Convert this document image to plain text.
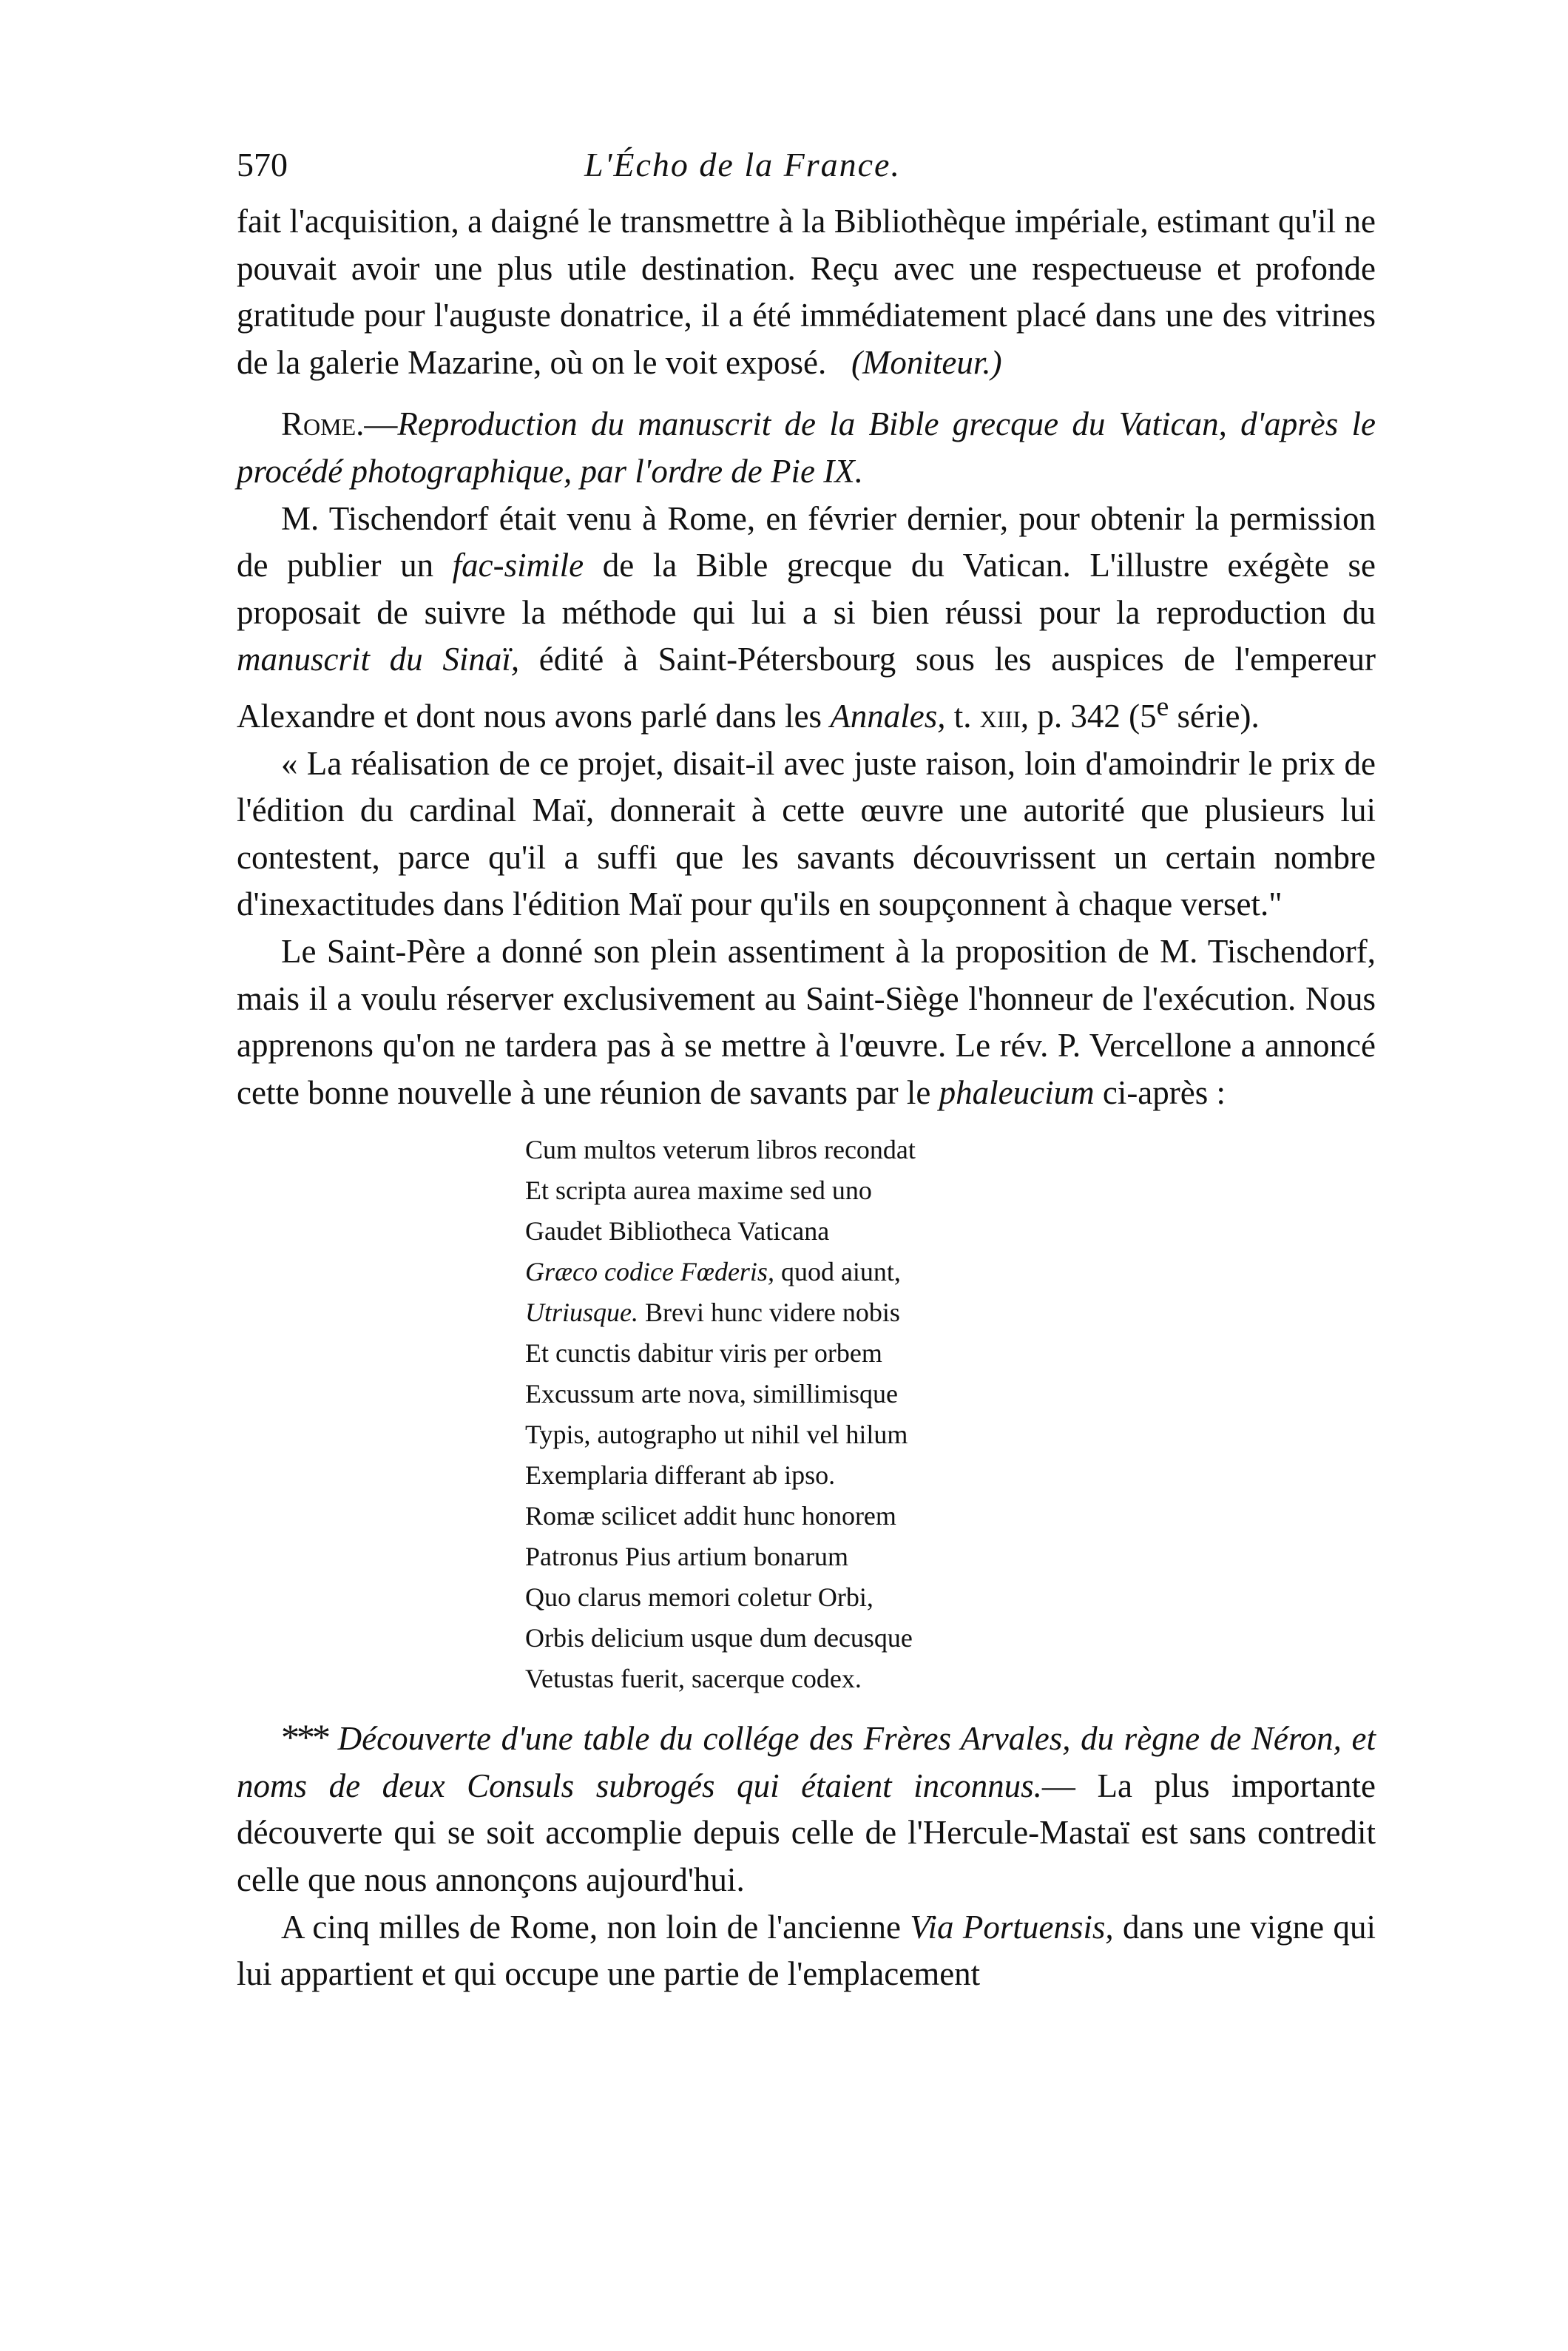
570	L'Écho de la France.

fait l'acquisition, a daigné le transmettre à la Bibliothèque impériale, estimant qu'il ne pouvait avoir une plus utile destination. Reçu avec une respectueuse et profonde gratitude pour l'auguste donatrice, il a été immédiatement placé dans une des vitrines de la galerie Mazarine, où on le voit exposé. (Moniteur.)

Rome.—Reproduction du manuscrit de la Bible grecque du Vatican, d'après le procédé photographique, par l'ordre de Pie IX.

M. Tischendorf était venu à Rome, en février dernier, pour obtenir la permission de publier un fac-simile de la Bible grecque du Vatican. L'illustre exégète se proposait de suivre la méthode qui lui a si bien réussi pour la reproduction du manuscrit du Sinaï, édité à Saint-Pétersbourg sous les auspices de l'empereur Alexandre et dont nous avons parlé dans les Annales, t. xiii, p. 342 (5e série).

« La réalisation de ce projet, disait-il avec juste raison, loin d'amoindrir le prix de l'édition du cardinal Maï, donnerait à cette œuvre une autorité que plusieurs lui contestent, parce qu'il a suffi que les savants découvrissent un certain nombre d'inexactitudes dans l'édition Maï pour qu'ils en soupçonnent à chaque verset."

Le Saint-Père a donné son plein assentiment à la proposition de M. Tischendorf, mais il a voulu réserver exclusivement au Saint-Siège l'honneur de l'exécution. Nous apprenons qu'on ne tardera pas à se mettre à l'œuvre. Le rév. P. Vercellone a annoncé cette bonne nouvelle à une réunion de savants par le phaleucium ci-après :

Cum multos veterum libros recondat
Et scripta aurea maxime sed uno
Gaudet Bibliotheca Vaticana
Græco codice Fœderis, quod aiunt,
Utriusque. Brevi hunc videre nobis
Et cunctis dabitur viris per orbem
Excussum arte nova, simillimisque
Typis, autographo ut nihil vel hilum
Exemplaria differant ab ipso.
Romæ scilicet addit hunc honorem
Patronus Pius artium bonarum
Quo clarus memori coletur Orbi,
Orbis delicium usque dum decusque
Vetustas fuerit, sacerque codex.

*** Découverte d'une table du collége des Frères Arvales, du règne de Néron, et noms de deux Consuls subrogés qui étaient inconnus.— La plus importante découverte qui se soit accomplie depuis celle de l'Hercule-Mastaï est sans contredit celle que nous annonçons aujourd'hui.

A cinq milles de Rome, non loin de l'ancienne Via Portuensis, dans une vigne qui lui appartient et qui occupe une partie de l'emplacement
